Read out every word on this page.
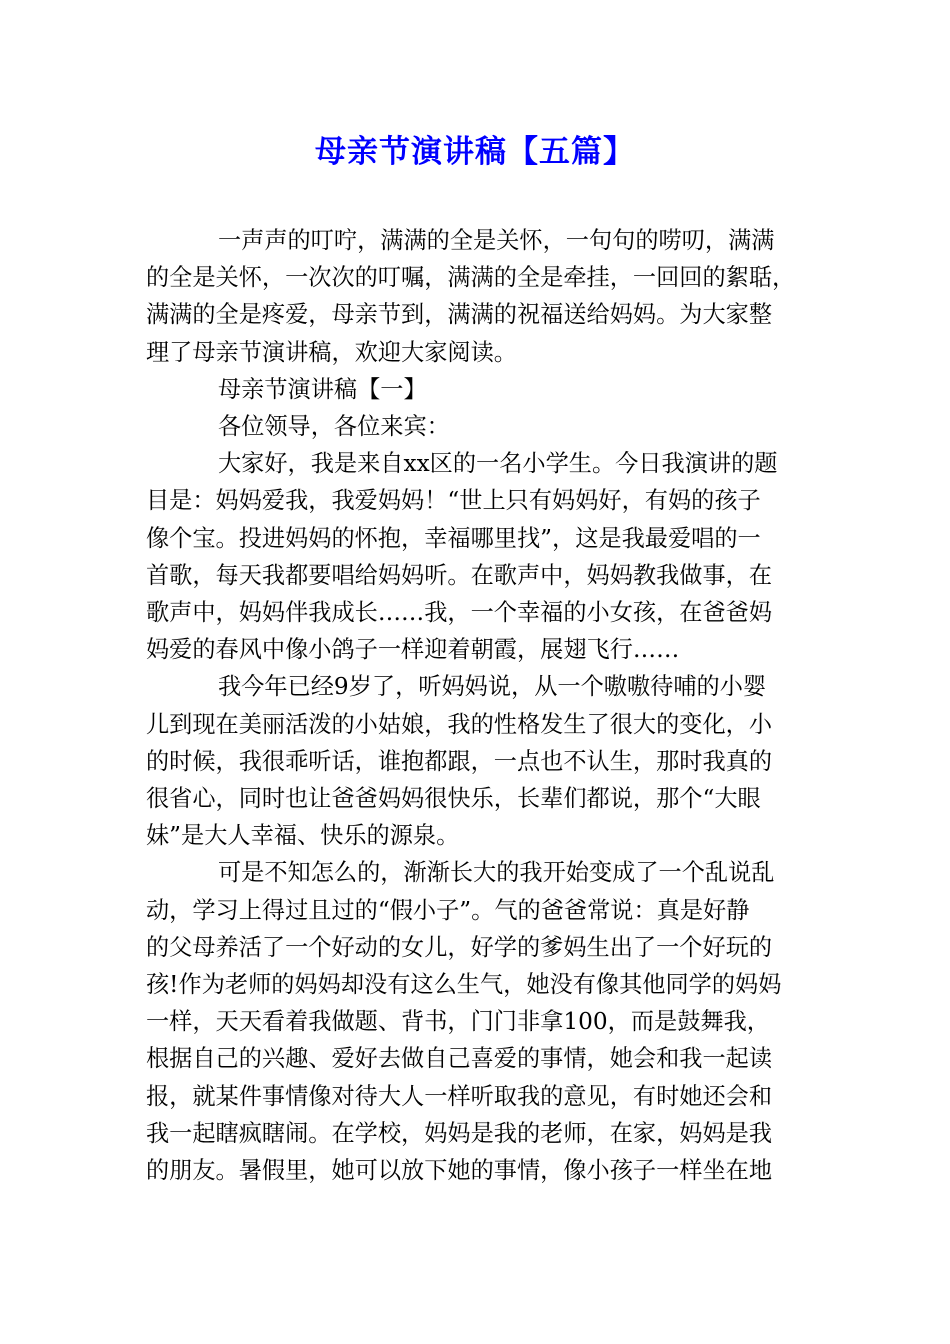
母亲节演讲稿【五篇】

一声声的叮咛，满满的全是关怀，一句句的唠叨，满满
的全是关怀，一次次的叮嘱，满满的全是牵挂，一回回的絮聒，
满满的全是疼爱，母亲节到，满满的祝福送给妈妈。为大家整
理了母亲节演讲稿，欢迎大家阅读。

母亲节演讲稿【一】

各位领导，各位来宾：

大家好，我是来自xx区的一名小学生。今日我演讲的题
目是：妈妈爱我，我爱妈妈！“世上只有妈妈好，有妈的孩子
像个宝。投进妈妈的怀抱，幸福哪里找”，这是我最爱唱的一
首歌，每天我都要唱给妈妈听。在歌声中，妈妈教我做事，在
歌声中，妈妈伴我成长……我，一个幸福的小女孩，在爸爸妈
妈爱的春风中像小鸽子一样迎着朝霞，展翅飞行……

我今年已经9岁了，听妈妈说，从一个嗷嗷待哺的小婴
儿到现在美丽活泼的小姑娘，我的性格发生了很大的变化，小
的时候，我很乖听话，谁抱都跟，一点也不认生，那时我真的
很省心，同时也让爸爸妈妈很快乐，长辈们都说，那个“大眼
妹”是大人幸福、快乐的源泉。

可是不知怎么的，渐渐长大的我开始变成了一个乱说乱
动，学习上得过且过的“假小子”。气的爸爸常说：真是好静
的父母养活了一个好动的女儿，好学的爹妈生出了一个好玩的
孩!作为老师的妈妈却没有这么生气，她没有像其他同学的妈妈
一样，天天看着我做题、背书，门门非拿100，而是鼓舞我，
根据自己的兴趣、爱好去做自己喜爱的事情，她会和我一起读
报，就某件事情像对待大人一样听取我的意见，有时她还会和
我一起瞎疯瞎闹。在学校，妈妈是我的老师，在家，妈妈是我
的朋友。暑假里，她可以放下她的事情，像小孩子一样坐在地
